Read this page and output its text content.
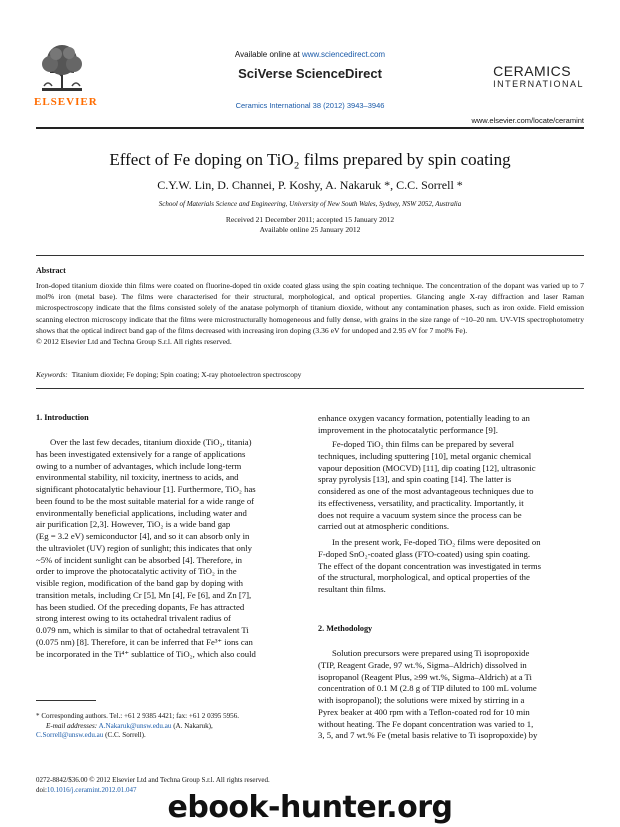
ELSEVIER
Available online at www.sciencedirect.com
SciVerse ScienceDirect
Ceramics International 38 (2012) 3943–3946
CERAMICS
INTERNATIONAL
www.elsevier.com/locate/ceramint
Effect of Fe doping on TiO₂ films prepared by spin coating
C.Y.W. Lin, D. Channei, P. Koshy, A. Nakaruk *, C.C. Sorrell *
School of Materials Science and Engineering, University of New South Wales, Sydney, NSW 2052, Australia
Received 21 December 2011; accepted 15 January 2012
Available online 25 January 2012
Abstract
Iron-doped titanium dioxide thin films were coated on fluorine-doped tin oxide coated glass using the spin coating technique. The concentration of the dopant was varied up to 7 mol% iron (metal base). The films were characterised for their structural, morphological, and optical properties. Glancing angle X-ray diffraction and laser Raman microspectroscopy indicate that the films consisted solely of the anatase polymorph of titanium dioxide, without any contamination phases, such as iron oxide. Field emission scanning electron microscopy indicate that the films were microstructurally homogeneous and fully dense, with grains in the size range of ~10–20 nm. UV-VIS spectrophotometry shows that the optical indirect band gap of the films decreased with increasing iron doping (3.36 eV for undoped and 2.95 eV for 7 mol% Fe).
© 2012 Elsevier Ltd and Techna Group S.r.l. All rights reserved.
Keywords: Titanium dioxide; Fe doping; Spin coating; X-ray photoelectron spectroscopy
1. Introduction
Over the last few decades, titanium dioxide (TiO₂, titania)
has been investigated extensively for a range of applications
owing to a number of advantages, which include long-term
environmental stability, nil toxicity, inertness to acids, and
significant photocatalytic behaviour [1]. Furthermore, TiO₂ has
been found to be the most suitable material for a wide range of
environmentally beneficial applications, including water and
air purification [2,3]. However, TiO₂ is a wide band gap
(Eg = 3.2 eV) semiconductor [4], and so it can absorb only in
the ultraviolet (UV) region of sunlight; this indicates that only
~5% of incident sunlight can be absorbed [4]. Therefore, in
order to improve the photocatalytic activity of TiO₂ in the
visible region, modification of the band gap by doping with
transition metals, including Cr [5], Mn [4], Fe [6], and Zn [7],
has been studied. Of the preceding dopants, Fe has attracted
strong interest owing to its octahedral trivalent radius of
0.079 nm, which is similar to that of octahedral tetravalent Ti
(0.075 nm) [8]. Therefore, it can be inferred that Fe³⁺ ions can
be incorporated in the Ti⁴⁺ sublattice of TiO₂, which also could
* Corresponding authors. Tel.: +61 2 9385 4421; fax: +61 2 0395 5956.
E-mail addresses: A.Nakaruk@unsw.edu.au (A. Nakaruk),
C.Sorrell@unsw.edu.au (C.C. Sorrell).
0272-8842/$36.00 © 2012 Elsevier Ltd and Techna Group S.r.l. All rights reserved.
doi:10.1016/j.ceramint.2012.01.047
enhance oxygen vacancy formation, potentially leading to an
improvement in the photocatalytic performance [9].
Fe-doped TiO₂ thin films can be prepared by several
techniques, including sputtering [10], metal organic chemical
vapour deposition (MOCVD) [11], dip coating [12], ultrasonic
spray pyrolysis [13], and spin coating [14]. The latter is
considered as one of the most advantageous techniques due to
its effectiveness, versatility, and practicality. Importantly, it
does not require a vacuum system since the process can be
carried out at atmospheric conditions.
In the present work, Fe-doped TiO₂ films were deposited on
F-doped SnO₂-coated glass (FTO-coated) using spin coating.
The effect of the dopant concentration was investigated in terms
of the structural, morphological, and optical properties of the
resultant thin films.
2. Methodology
Solution precursors were prepared using Ti isopropoxide
(TIP, Reagent Grade, 97 wt.%, Sigma–Aldrich) dissolved in
isopropanol (Reagent Plus, ≥99 wt.%, Sigma–Aldrich) at a Ti
concentration of 0.1 M (2.8 g of TIP diluted to 100 mL volume
with isopropanol); the solutions were mixed by stirring in a
Pyrex beaker at 400 rpm with a Teflon-coated rod for 10 min
without heating. The Fe dopant concentration was varied to 1,
3, 5, and 7 wt.% Fe (metal basis relative to Ti isopropoxide) by
ebook-hunter.org
